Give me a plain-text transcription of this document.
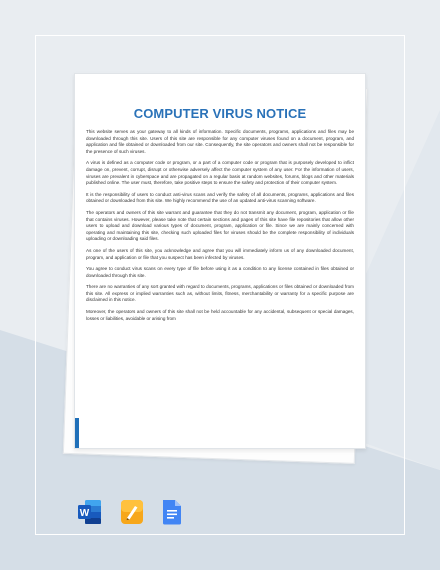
COMPUTER VIRUS NOTICE

This website serves as your gateway to all kinds of information. Specific documents, programs, applications and files may be downloaded through this site. Users of this site are responsible for any computer viruses found on a document, program, and application and file obtained or downloaded from our site. Consequently, the site operators and owners shall not be responsible for the presence of such viruses.

A virus is defined as a computer code or program, or a part of a computer code or program that is purposely developed to inflict damage on, prevent, corrupt, disrupt or otherwise adversely affect the computer system of any user. For the information of users, viruses are prevalent in cyberspace and are propagated on a regular basis at random websites, forums, blogs and other materials published online. The user must, therefore, take positive steps to ensure the safety and protection of their computer system.

It is the responsibility of users to conduct anti-virus scans and verify the safety of all documents, programs, applications and files obtained or downloaded from this site. We highly recommend the use of an updated anti-virus scanning software.

The operators and owners of this site warrant and guarantee that they do not transmit any document, program, application or file that contains viruses. However, please take note that certain sections and pages of this site have file repositories that allow other users to upload and download various types of document, program, application or file. Since we are mainly concerned with operating and maintaining this site, checking such uploaded files for viruses should be the complete responsibility of individuals uploading or downloading said files.

As one of the users of this site, you acknowledge and agree that you will immediately inform us of any downloaded document, program, and application or file that you suspect has been infected by viruses.

You agree to conduct virus scans on every type of file before using it as a condition to any license contained in files obtained or downloaded through this site.

There are no warranties of any sort granted with regard to documents, programs, applications or files obtained or downloaded from this site. All express or implied warranties such as, without limits, fitness, merchantability or warranty for a specific purpose are disclaimed in this notice.

Moreover, the operators and owners of this site shall not be held accountable for any accidental, subsequent or special damages, losses or liabilities, avoidable or arising from

W
